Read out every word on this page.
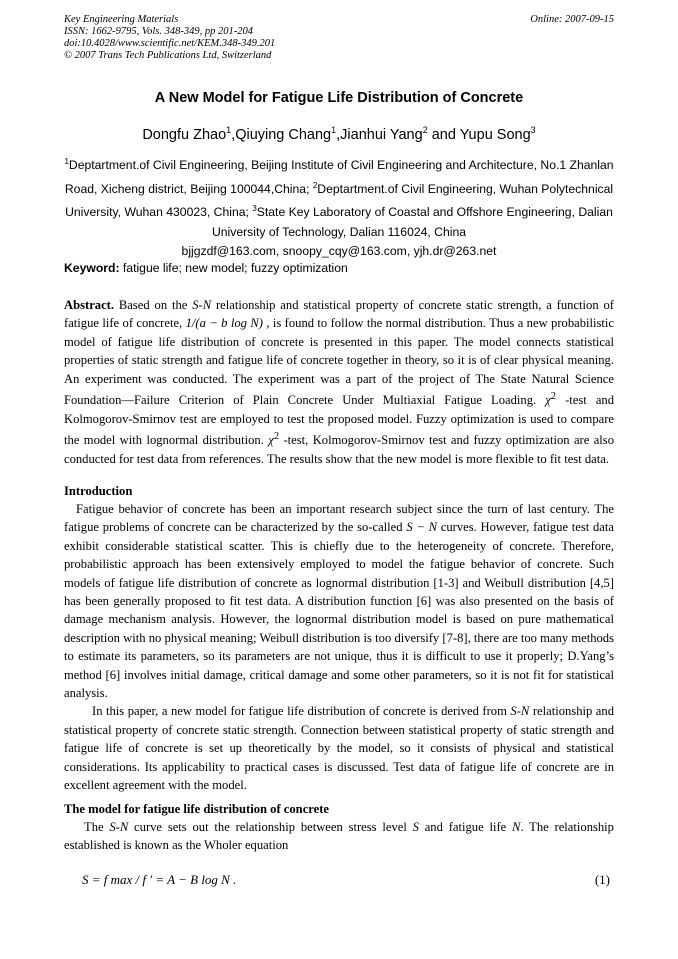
Key Engineering Materials
ISSN: 1662-9795, Vols. 348-349, pp 201-204
doi:10.4028/www.scientific.net/KEM.348-349.201
© 2007 Trans Tech Publications Ltd, Switzerland
Online: 2007-09-15
A New Model for Fatigue Life Distribution of Concrete
Dongfu Zhao$^1$,Qiuying Chang$^1$,Jianhui Yang$^2$ and Yupu Song$^3$
$^1$Deptartment.of Civil Engineering, Beijing Institute of Civil Engineering and Architecture, No.1 Zhanlan Road, Xicheng district, Beijing 100044,China; $^2$Deptartment.of Civil Engineering, Wuhan Polytechnical University, Wuhan 430023, China; $^3$State Key Laboratory of Coastal and Offshore Engineering, Dalian University of Technology, Dalian 116024, China
bjjgzdf@163.com, snoopy_cqy@163.com, yjh.dr@263.net
Keyword: fatigue life; new model; fuzzy optimization
Abstract. Based on the S-N relationship and statistical property of concrete static strength, a function of fatigue life of concrete, 1/(a − b log N) , is found to follow the normal distribution. Thus a new probabilistic model of fatigue life distribution of concrete is presented in this paper. The model connects statistical properties of static strength and fatigue life of concrete together in theory, so it is of clear physical meaning. An experiment was conducted. The experiment was a part of the project of The State Natural Science Foundation—Failure Criterion of Plain Concrete Under Multiaxial Fatigue Loading. $\chi^2$ -test and Kolmogorov-Smirnov test are employed to test the proposed model. Fuzzy optimization is used to compare the model with lognormal distribution. $\chi^2$ -test, Kolmogorov-Smirnov test and fuzzy optimization are also conducted for test data from references. The results show that the new model is more flexible to fit test data.
Introduction

Fatigue behavior of concrete has been an important research subject since the turn of last century. The fatigue problems of concrete can be characterized by the so-called S − N curves. However, fatigue test data exhibit considerable statistical scatter. This is chiefly due to the heterogeneity of concrete. Therefore, probabilistic approach has been extensively employed to model the fatigue behavior of concrete. Such models of fatigue life distribution of concrete as lognormal distribution [1-3] and Weibull distribution [4,5] has been generally proposed to fit test data. A distribution function [6] was also presented on the basis of damage mechanism analysis. However, the lognormal distribution model is based on pure mathematical description with no physical meaning; Weibull distribution is too diversify [7-8], there are too many methods to estimate its parameters, so its parameters are not unique, thus it is difficult to use it properly; D.Yang’s method [6] involves initial damage, critical damage and some other parameters, so it is not fit for statistical analysis.

In this paper, a new model for fatigue life distribution of concrete is derived from S-N relationship and statistical property of concrete static strength. Connection between statistical property of static strength and fatigue life of concrete is set up theoretically by the model, so it consists of physical and statistical considerations. Its applicability to practical cases is discussed. Test data of fatigue life of concrete are in excellent agreement with the model.

The model for fatigue life distribution of concrete

The S-N curve sets out the relationship between stress level S and fatigue life N. The relationship established is known as the Wholer equation

S = f max / f ′ = A − B log N .	(1)
